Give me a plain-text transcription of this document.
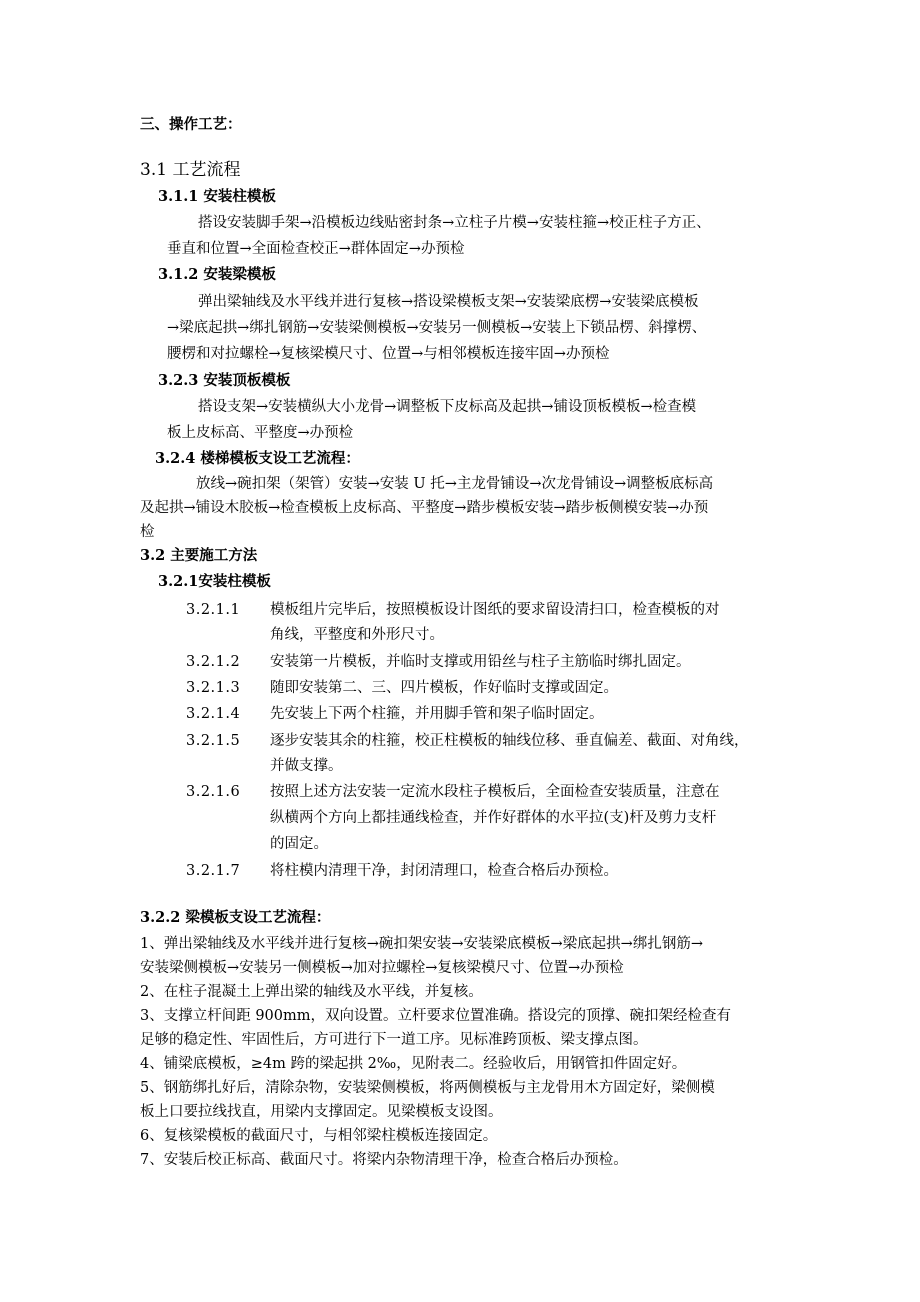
三、操作工艺：
3.1 工艺流程
3.1.1 安装柱模板
搭设安装脚手架→沿模板边线贴密封条→立柱子片模→安装柱箍→校正柱子方正、
垂直和位置→全面检查校正→群体固定→办预检
3.1.2 安装梁模板
弹出梁轴线及水平线并进行复核→搭设梁模板支架→安装梁底楞→安装梁底模板
→梁底起拱→绑扎钢筋→安装梁侧模板→安装另一侧模板→安装上下锁品楞、斜撑楞、
腰楞和对拉螺栓→复核梁模尺寸、位置→与相邻模板连接牢固→办预检
3.2.3 安装顶板模板
搭设支架→安装横纵大小龙骨→调整板下皮标高及起拱→铺设顶板模板→检查模
板上皮标高、平整度→办预检
3.2.4 楼梯模板支设工艺流程：
放线→碗扣架（架管）安装→安装 U 托→主龙骨铺设→次龙骨铺设→调整板底标高
及起拱→铺设木胶板→检查模板上皮标高、平整度→踏步模板安装→踏步板侧模安装→办预
检
3.2 主要施工方法
3.2.1安装柱模板
3.2.1.1 模板组片完毕后，按照模板设计图纸的要求留设清扫口，检查模板的对
角线，平整度和外形尺寸。
3.2.1.2 安装第一片模板，并临时支撑或用铅丝与柱子主筋临时绑扎固定。
3.2.1.3 随即安装第二、三、四片模板，作好临时支撑或固定。
3.2.1.4 先安装上下两个柱箍，并用脚手管和架子临时固定。
3.2.1.5 逐步安装其余的柱箍，校正柱模板的轴线位移、垂直偏差、截面、对角线，
并做支撑。
3.2.1.6 按照上述方法安装一定流水段柱子模板后，全面检查安装质量，注意在
纵横两个方向上都挂通线检查，并作好群体的水平拉(支)杆及剪力支杆
的固定。
3.2.1.7 将柱模内清理干净，封闭清理口，检查合格后办预检。
3.2.2 梁模板支设工艺流程：
1、弹出梁轴线及水平线并进行复核→碗扣架安装→安装梁底模板→梁底起拱→绑扎钢筋→
安装梁侧模板→安装另一侧模板→加对拉螺栓→复核梁模尺寸、位置→办预检
2、在柱子混凝土上弹出梁的轴线及水平线，并复核。
3、支撑立杆间距 900mm，双向设置。立杆要求位置准确。搭设完的顶撑、碗扣架经检查有
足够的稳定性、牢固性后，方可进行下一道工序。见标准跨顶板、梁支撑点图。
4、铺梁底模板，≥4m 跨的梁起拱 2‰，见附表二。经验收后，用钢管扣件固定好。
5、钢筋绑扎好后，清除杂物，安装梁侧模板，将两侧模板与主龙骨用木方固定好，梁侧模
板上口要拉线找直，用梁内支撑固定。见梁模板支设图。
6、复核梁模板的截面尺寸，与相邻梁柱模板连接固定。
7、安装后校正标高、截面尺寸。将梁内杂物清理干净，检查合格后办预检。
